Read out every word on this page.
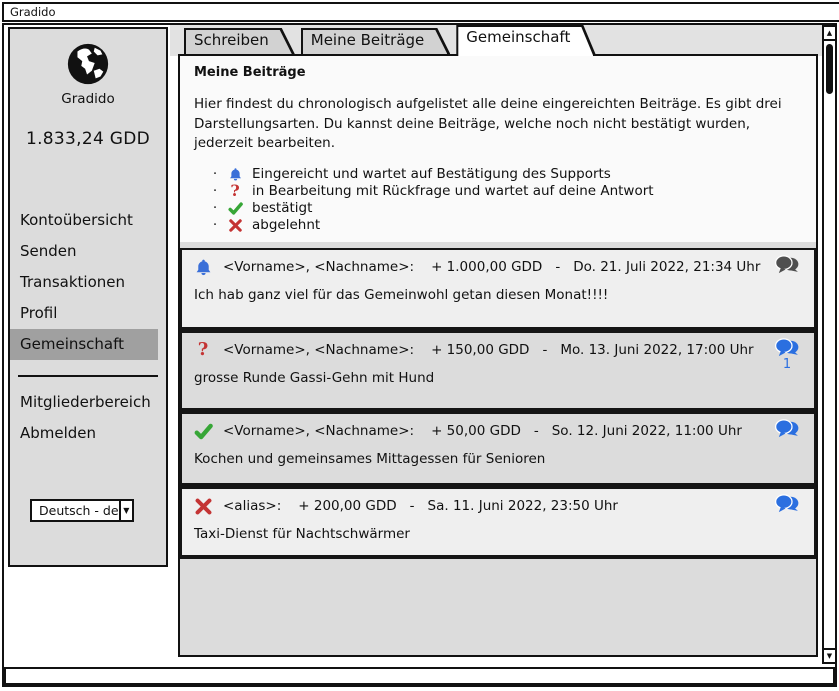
Gradido
Gradido
1.833,24 GDD
Kontoübersicht
Senden
Transaktionen
Profil
Gemeinschaft
Mitgliederbereich
Abmelden
Deutsch - de ▼
Schreiben	Meine Beiträge	Gemeinschaft
Meine Beiträge
Hier findest du chronologisch aufgelistet alle deine eingereichten Beiträge. Es gibt drei Darstellungsarten. Du kannst deine Beiträge, welche noch nicht bestätigt wurden, jederzeit bearbeiten.
·	Eingereicht und wartet auf Bestätigung des Supports
· ? in Bearbeitung mit Rückfrage und wartet auf deine Antwort
·	bestätigt
·	abgelehnt
<Vorname>, <Nachname>: + 1.000,00 GDD - Do. 21. Juli 2022, 21:34 Uhr
Ich hab ganz viel für das Gemeinwohl getan diesen Monat!!!!
? <Vorname>, <Nachname>: + 150,00 GDD - Mo. 13. Juni 2022, 17:00 Uhr
1
grosse Runde Gassi-Gehn mit Hund
<Vorname>, <Nachname>: + 50,00 GDD - So. 12. Juni 2022, 11:00 Uhr
Kochen und gemeinsames Mittagessen für Senioren
<alias>: + 200,00 GDD - Sa. 11. Juni 2022, 23:50 Uhr
Taxi-Dienst für Nachtschwärmer
▲
▼
